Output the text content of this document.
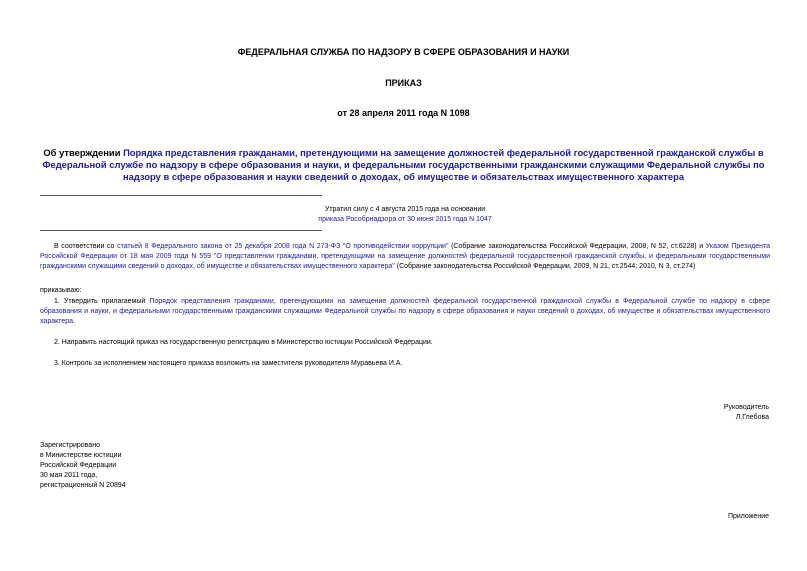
ФЕДЕРАЛЬНАЯ СЛУЖБА ПО НАДЗОРУ В СФЕРЕ ОБРАЗОВАНИЯ И НАУКИ
ПРИКАЗ
от 28 апреля 2011 года N 1098
Об утверждении Порядка представления гражданами, претендующими на замещение должностей федеральной государственной гражданской службы в Федеральной службе по надзору в сфере образования и науки, и федеральными государственными гражданскими служащими Федеральной службы по надзору в сфере образования и науки сведений о доходах, об имуществе и обязательствах имущественного характера
Утратил силу с 4 августа 2015 года на основании
приказа Рособрнадзора от 30 июня 2015 года N 1047
В соответствии со статьей 8 Федерального закона от 25 декабря 2008 года N 273-ФЗ "О противодействии коррупции" (Собрание законодательства Российской Федерации, 2008, N 52, ст.6228) и Указом Президента Российской Федерации от 18 мая 2009 года N 559 "О представлении гражданами, претендующими на замещение должностей федеральной государственной гражданской службы, и федеральными государственными гражданскими служащими сведений о доходах, об имуществе и обязательствах имущественного характера" (Собрание законодательства Российской Федерации, 2009, N 21, ст.2544; 2010, N 3, ст.274)
приказываю:
1. Утвердить прилагаемый Порядок представления гражданами, претендующими на замещение должностей федеральной государственной гражданской службы в Федеральной службе по надзору в сфере образования и науки, и федеральными государственными гражданскими служащими Федеральной службы по надзору в сфере образования и науки сведений о доходах, об имуществе и обязательствах имущественного характера.
2. Направить настоящий приказ на государственную регистрацию в Министерство юстиции Российской Федерации.
3. Контроль за исполнением настоящего приказа возложить на заместителя руководителя Муравьева И.А.
Руководитель
Л.Глебова
Зарегистрировано
в Министерстве юстиции
Российской Федерации
30 мая 2011 года,
регистрационный N 20894
Приложение
